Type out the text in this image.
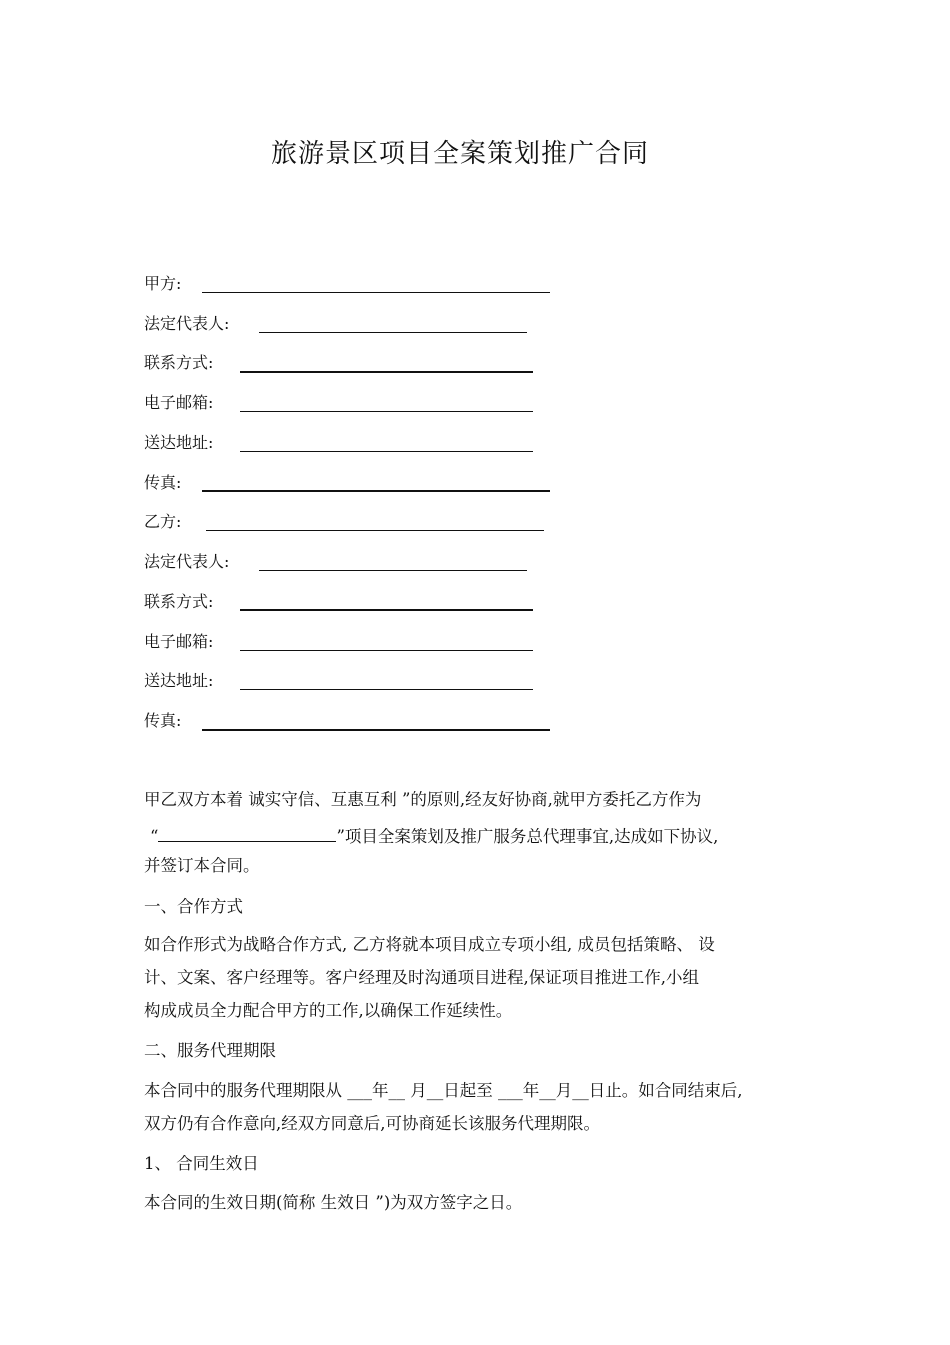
旅游景区项目全案策划推广合同
甲方:
法定代表人:
联系方式:
电子邮箱:
送达地址:
传真:
乙方:
法定代表人:
联系方式:
电子邮箱:
送达地址:
传真:
甲乙双方本着 诚实守信、互惠互利 ”的原则,经友好协商,就甲方委托乙方作为
“	”项目全案策划及推广服务总代理事宜,达成如下协议,
并签订本合同。
一、合作方式
如合作形式为战略合作方式, 乙方将就本项目成立专项小组, 成员包括策略、 设
计、文案、客户经理等。客户经理及时沟通项目进程,保证项目推进工作,小组
构成成员全力配合甲方的工作,以确保工作延续性。
二、服务代理期限
本合同中的服务代理期限从 ___年__ 月__日起至 ___年__月__日止。如合同结束后,
双方仍有合作意向,经双方同意后,可协商延长该服务代理期限。
1、 合同生效日
本合同的生效日期(简称 生效日 ”)为双方签字之日。
